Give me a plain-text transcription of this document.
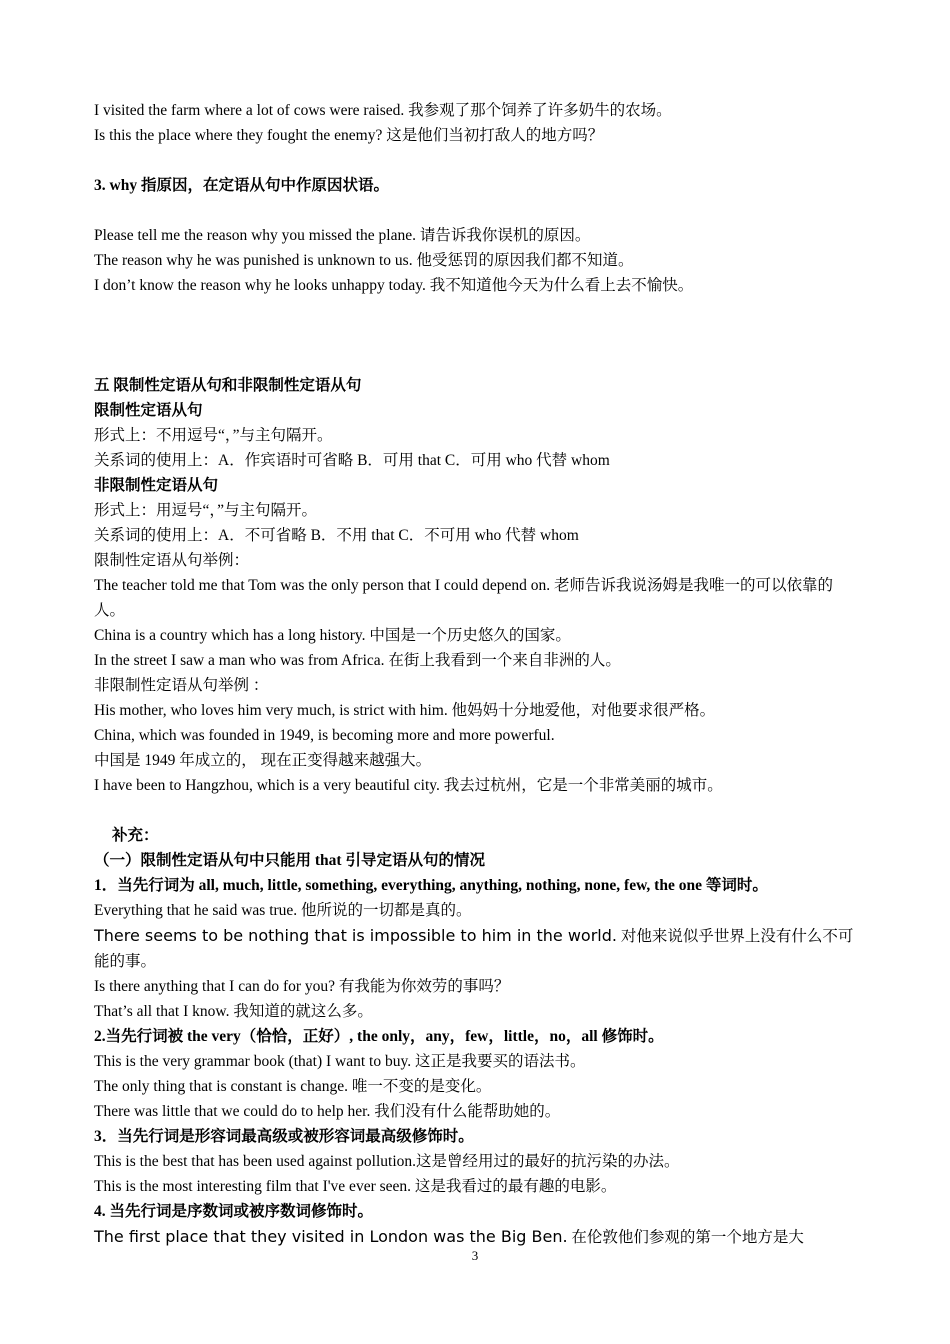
I visited the farm where a lot of cows were raised. 我参观了那个饲养了许多奶牛的农场。
Is this the place where they fought the enemy? 这是他们当初打敌人的地方吗？
3. why 指原因，在定语从句中作原因状语。
Please tell me the reason why you missed the plane. 请告诉我你误机的原因。
The reason why he was punished is unknown to us. 他受惩罚的原因我们都不知道。
I don’t know the reason why he looks unhappy today. 我不知道他今天为什么看上去不愉快。
五 限制性定语从句和非限制性定语从句
限制性定语从句
形式上：不用逗号“，”与主句隔开。
关系词的使用上：A．作宾语时可省略 B．可用 that C．可用 who 代替 whom
非限制性定语从句
形式上：用逗号“，”与主句隔开。
关系词的使用上：A．不可省略 B．不用 that C．不可用 who 代替 whom
限制性定语从句举例：
The teacher told me that Tom was the only person that I could depend on. 老师告诉我说汤姆是我唯一的可以依靠的人。
China is a country which has a long history. 中国是一个历史悠久的国家。
In the street I saw a man who was from Africa. 在街上我看到一个来自非洲的人。
非限制性定语从句举例 ：
His mother, who loves him very much, is strict with him. 他妈妈十分地爱他，对他要求很严格。
China, which was founded in 1949, is becoming more and more powerful.
中国是 1949 年成立的， 现在正变得越来越强大。
I have been to Hangzhou, which is a very beautiful city. 我去过杭州，它是一个非常美丽的城市。
补充：
（一）限制性定语从句中只能用 that 引导定语从句的情况
1．当先行词为 all, much, little, something, everything, anything, nothing, none, few, the one 等词时。
Everything that he said was true. 他所说的一切都是真的。
There seems to be nothing that is impossible to him in the world. 对他来说似乎世界上没有什么不可能的事。
Is there anything that I can do for you? 有我能为你效劳的事吗？
That’s all that I know. 我知道的就这么多。
2.当先行词被 the very（恰恰，正好）, the only，any，few，little，no，all 修饰时。
This is the very grammar book (that) I want to buy. 这正是我要买的语法书。
The only thing that is constant is change. 唯一不变的是变化。
There was little that we could do to help her. 我们没有什么能帮助她的。
3．当先行词是形容词最高级或被形容词最高级修饰时。
This is the best that has been used against pollution.这是曾经用过的最好的抗污染的办法。
This is the most interesting film that I've ever seen. 这是我看过的最有趣的电影。
4. 当先行词是序数词或被序数词修饰时。
The first place that they visited in London was the Big Ben. 在伦敦他们参观的第一个地方是大
3
